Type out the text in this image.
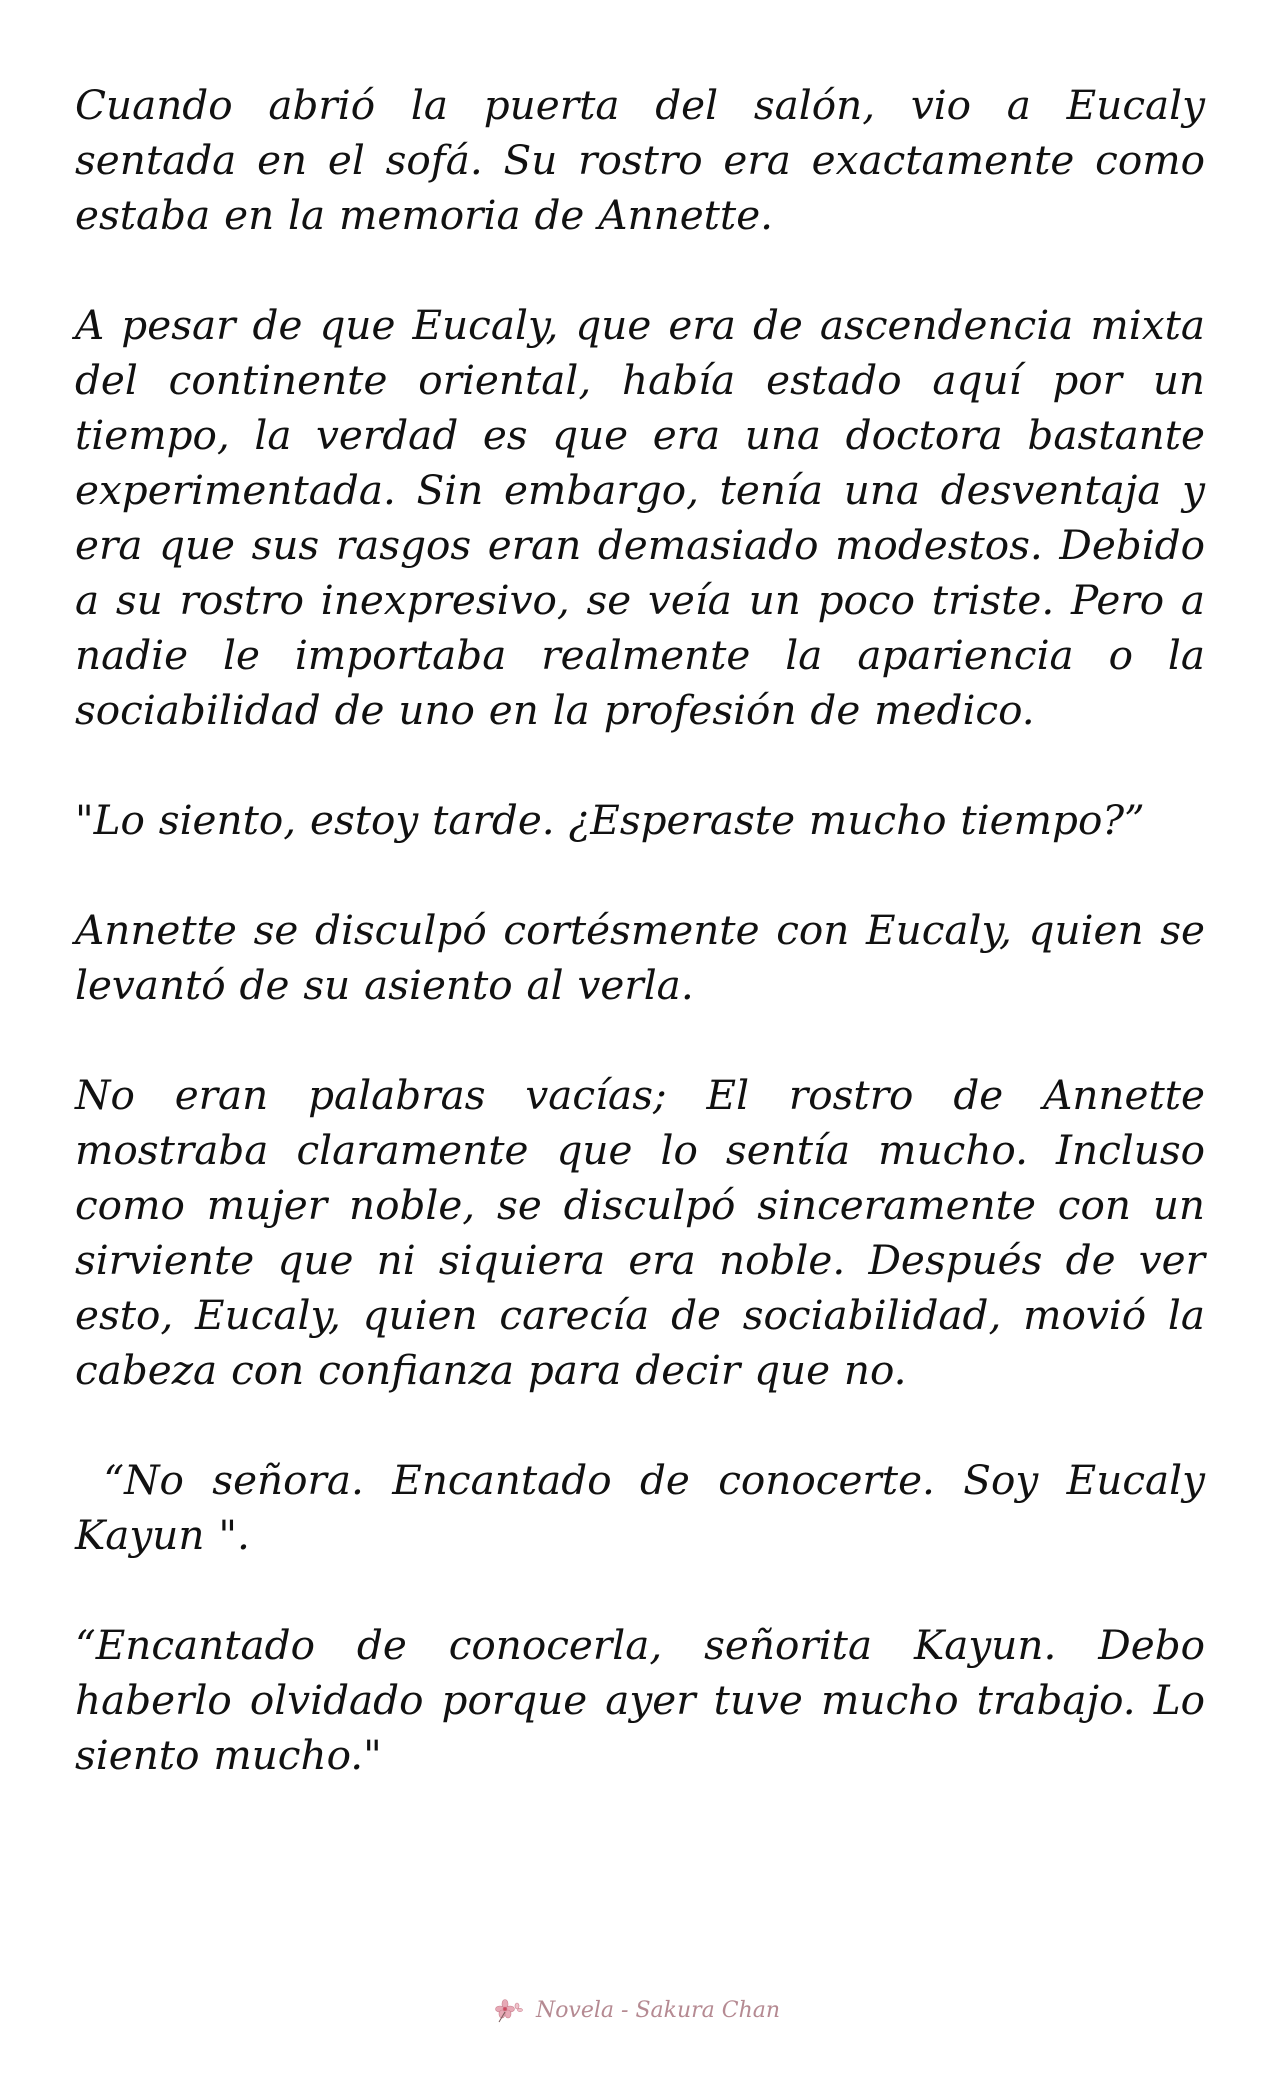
Cuando abrió la puerta del salón, vio a Eucaly sentada en el sofá. Su rostro era exactamente como estaba en la memoria de Annette.

A pesar de que Eucaly, que era de ascendencia mixta del continente oriental, había estado aquí por un tiempo, la verdad es que era una doctora bastante experimentada. Sin embargo, tenía una desventaja y era que sus rasgos eran demasiado modestos. Debido a su rostro inexpresivo, se veía un poco triste. Pero a nadie le importaba realmente la apariencia o la sociabilidad de uno en la profesión de medico.

"Lo siento, estoy tarde. ¿Esperaste mucho tiempo?”

Annette se disculpó cortésmente con Eucaly, quien se levantó de su asiento al verla.

No eran palabras vacías; El rostro de Annette mostraba claramente que lo sentía mucho. Incluso como mujer noble, se disculpó sinceramente con un sirviente que ni siquiera era noble. Después de ver esto, Eucaly, quien carecía de sociabilidad, movió la cabeza con confianza para decir que no.

“No señora. Encantado de conocerte. Soy Eucaly Kayun ".

“Encantado de conocerla, señorita Kayun. Debo haberlo olvidado porque ayer tuve mucho trabajo. Lo siento mucho."

Novela - Sakura Chan
